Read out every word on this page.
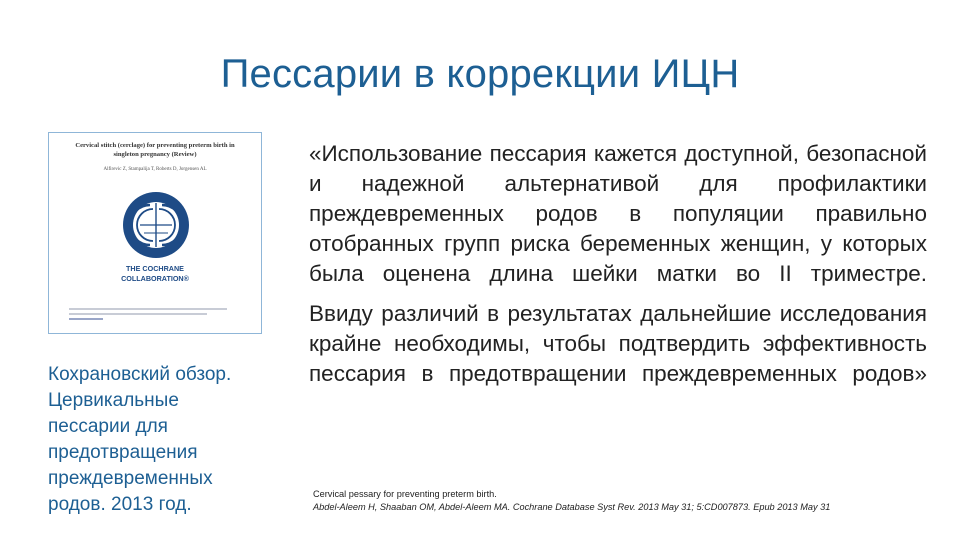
Пессарии в коррекции ИЦН
Cervical stitch (cerclage) for preventing preterm birth in
singleton pregnancy (Review)
Alfirevic Z, Stampalija T, Roberts D, Jorgensen AL
THE COCHRANE
COLLABORATION®
Кохрановский обзор.
Цервикальные
пессарии для
предотвращения
преждевременных
родов. 2013 год.

«Использование пессария кажется доступной, безопасной и надежной альтернативой для профилактики преждевременных родов в популяции правильно отобранных групп риска беременных женщин, у которых была оценена длина шейки матки во II триместре.

Ввиду различий в результатах дальнейшие исследования крайне необходимы, чтобы подтвердить эффективность пессария в предотвращении преждевременных родов»

Cervical pessary for preventing preterm birth.
Abdel-Aleem H, Shaaban OM, Abdel-Aleem MA. Cochrane Database Syst Rev. 2013 May 31; 5:CD007873. Epub 2013 May 31
